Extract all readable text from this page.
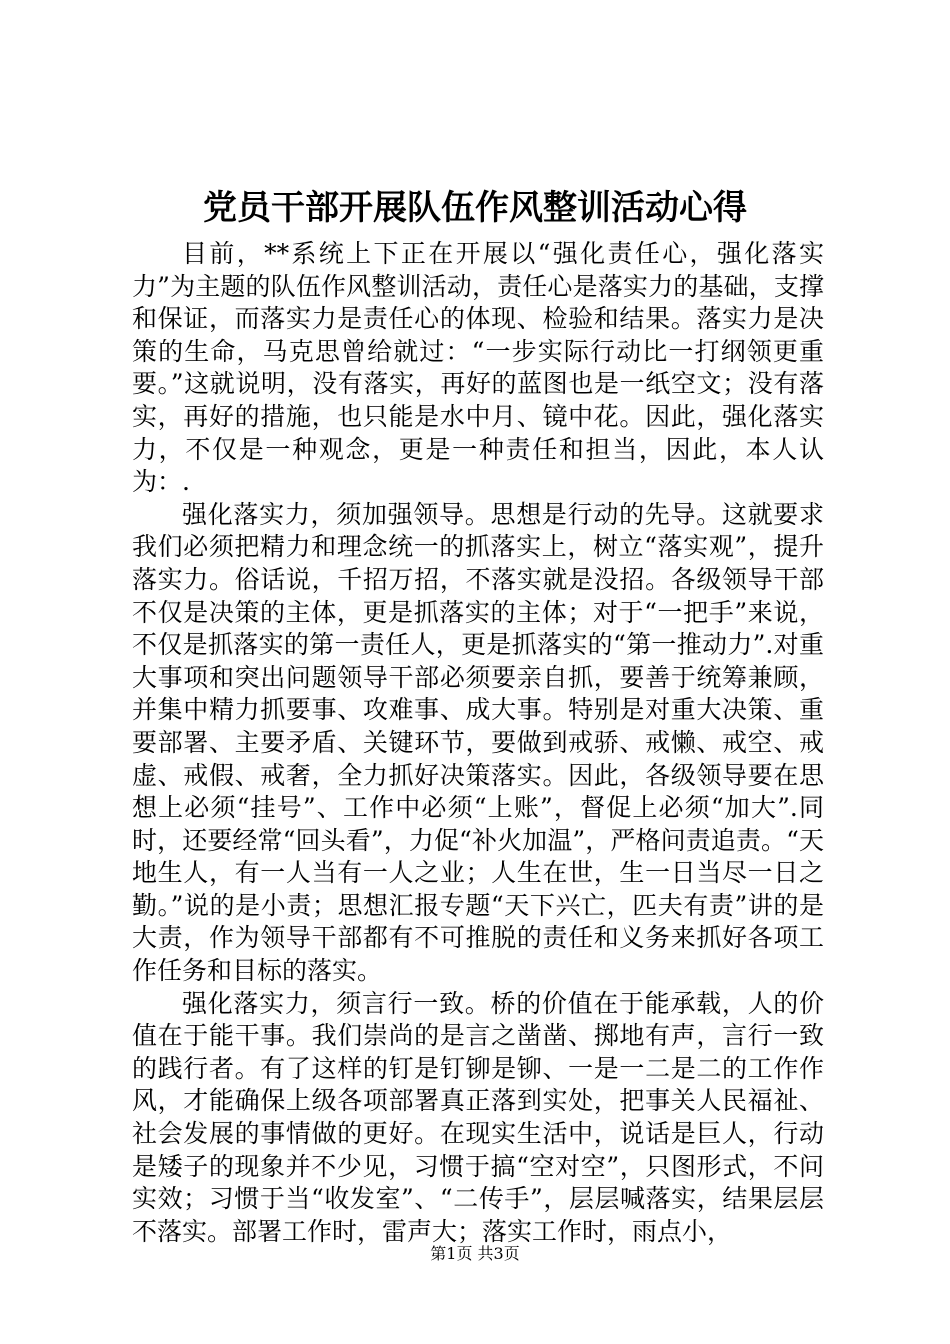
党员干部开展队伍作风整训活动心得

目前，**系统上下正在开展以“强化责任心，强化落实力”为主题的队伍作风整训活动，责任心是落实力的基础，支撑和保证，而落实力是责任心的体现、检验和结果。落实力是决策的生命，马克思曾给就过：“一步实际行动比一打纲领更重要。”这就说明，没有落实，再好的蓝图也是一纸空文；没有落实，再好的措施，也只能是水中月、镜中花。因此，强化落实力，不仅是一种观念，更是一种责任和担当，因此，本人认为：.

强化落实力，须加强领导。思想是行动的先导。这就要求我们必须把精力和理念统一的抓落实上，树立“落实观”，提升落实力。俗话说，千招万招，不落实就是没招。各级领导干部不仅是决策的主体，更是抓落实的主体；对于“一把手”来说，不仅是抓落实的第一责任人，更是抓落实的“第一推动力”.对重大事项和突出问题领导干部必须要亲自抓，要善于统筹兼顾，并集中精力抓要事、攻难事、成大事。特别是对重大决策、重要部署、主要矛盾、关键环节，要做到戒骄、戒懒、戒空、戒虚、戒假、戒奢，全力抓好决策落实。因此，各级领导要在思想上必须“挂号”、工作中必须“上账”，督促上必须“加大”.同时，还要经常“回头看”，力促“补火加温”，严格问责追责。“天地生人，有一人当有一人之业；人生在世，生一日当尽一日之勤。”说的是小责；思想汇报专题“天下兴亡，匹夫有责”讲的是大责，作为领导干部都有不可推脱的责任和义务来抓好各项工作任务和目标的落实。

强化落实力，须言行一致。桥的价值在于能承载，人的价值在于能干事。我们崇尚的是言之凿凿、掷地有声，言行一致的践行者。有了这样的钉是钉铆是铆、一是一二是二的工作作风，才能确保上级各项部署真正落到实处，把事关人民福祉、社会发展的事情做的更好。在现实生活中，说话是巨人，行动是矮子的现象并不少见，习惯于搞“空对空”，只图形式，不问实效；习惯于当“收发室”、“二传手”，层层喊落实，结果层层不落实。部署工作时，雷声大；落实工作时，雨点小，

第1页 共3页
